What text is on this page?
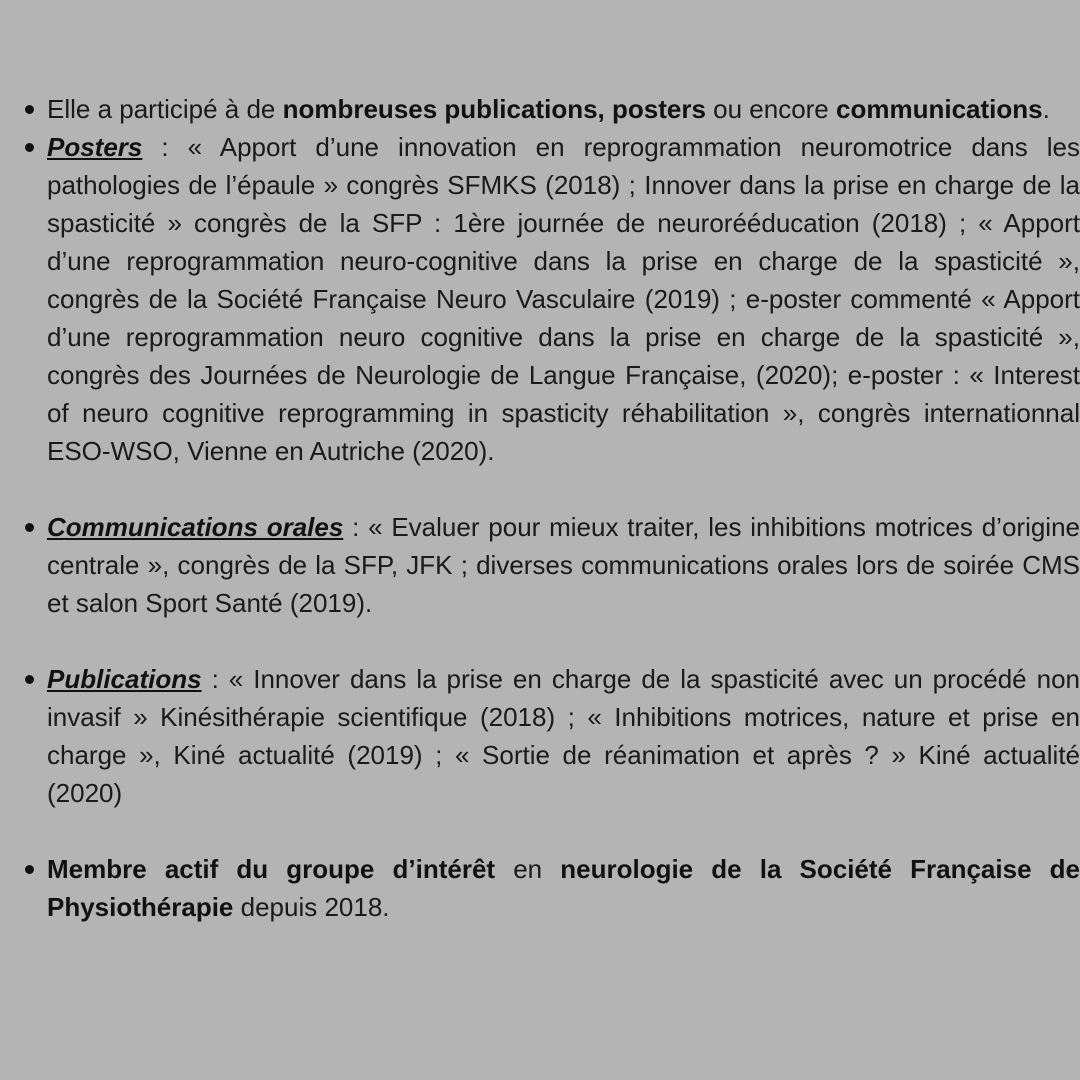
Elle a participé à de nombreuses publications, posters ou encore communications.
Posters : « Apport d’une innovation en reprogrammation neuromotrice dans les pathologies de l’épaule » congrès SFMKS (2018) ; Innover dans la prise en charge de la spasticité » congrès de la SFP : 1ère journée de neurorééducation (2018) ; « Apport d’une reprogrammation neuro-cognitive dans la prise en charge de la spasticité », congrès de la Société Française Neuro Vasculaire (2019) ; e-poster commenté « Apport d’une reprogrammation neuro cognitive dans la prise en charge de la spasticité », congrès des Journées de Neurologie de Langue Française, (2020); e-poster : « Interest of neuro cognitive reprogramming in spasticity réhabilitation », congrès internationnal ESO-WSO, Vienne en Autriche (2020).
Communications orales : « Evaluer pour mieux traiter, les inhibitions motrices d’origine centrale », congrès de la SFP, JFK ; diverses communications orales lors de soirée CMS et salon Sport Santé (2019).
Publications : « Innover dans la prise en charge de la spasticité avec un procédé non invasif » Kinésithérapie scientifique (2018) ; « Inhibitions motrices, nature et prise en charge », Kiné actualité (2019) ; « Sortie de réanimation et après ? » Kiné actualité (2020)
Membre actif du groupe d’intérêt en neurologie de la Société Française de Physiothérapie depuis 2018.
